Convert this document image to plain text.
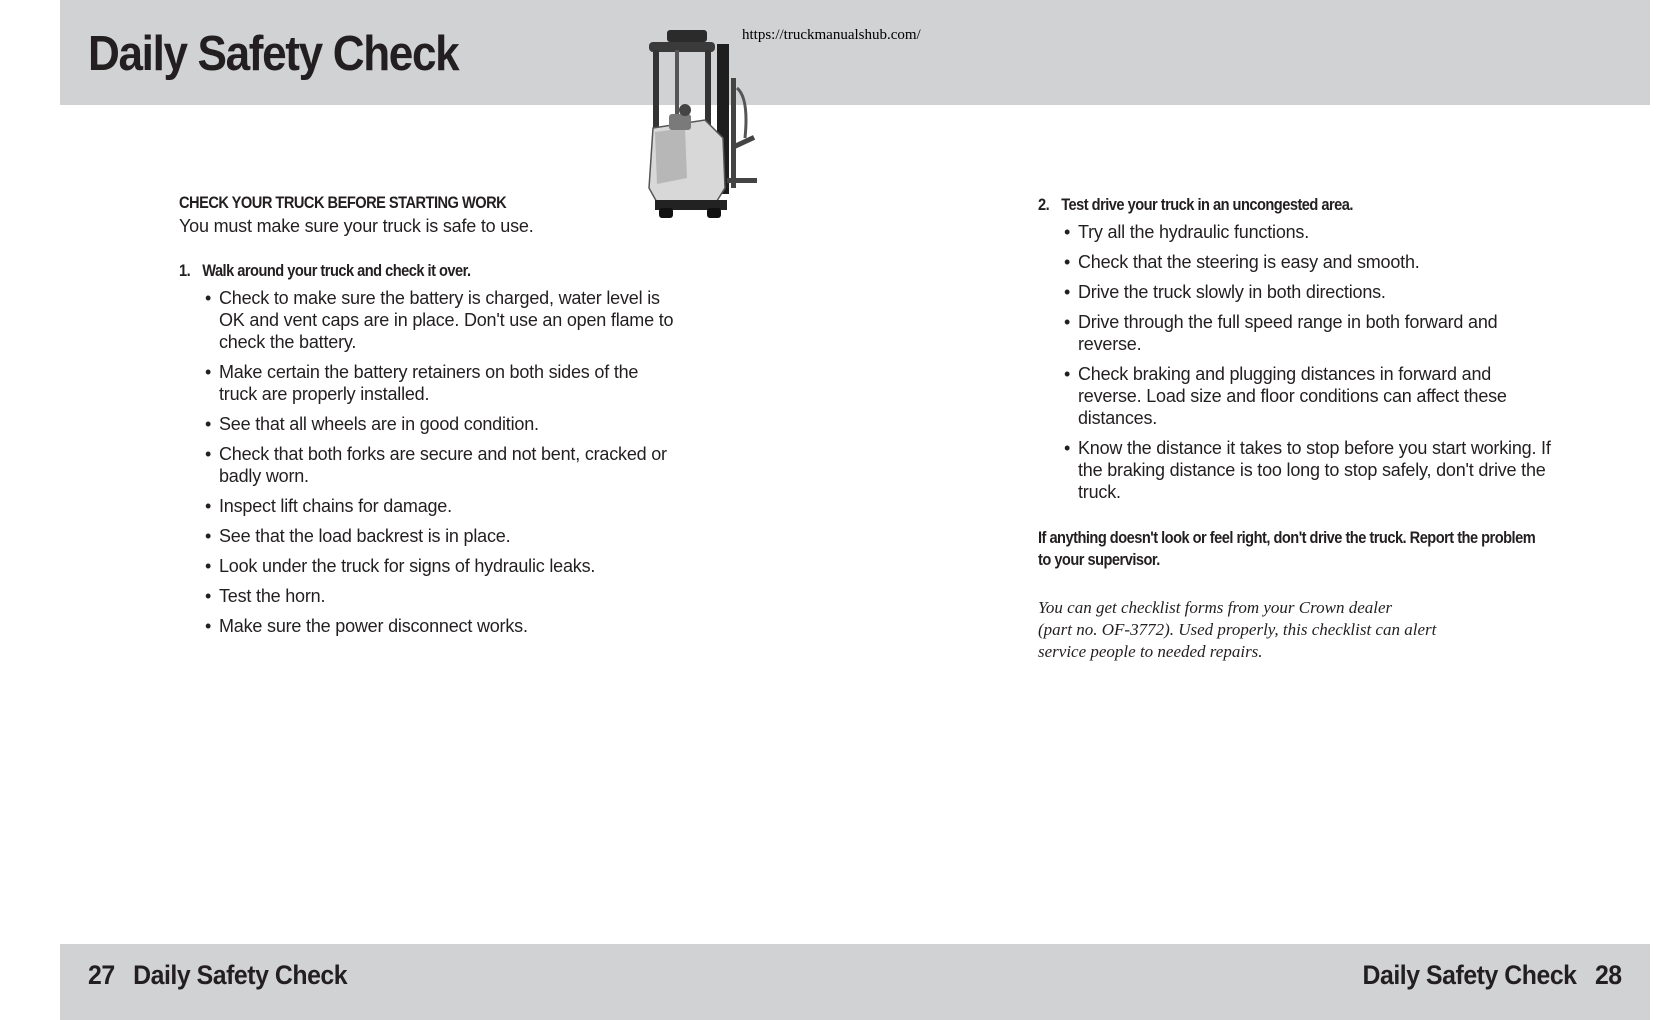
Daily Safety Check	https://truckmanualshub.com/
CHECK YOUR TRUCK BEFORE STARTING WORK
You must make sure your truck is safe to use.
1. Walk around your truck and check it over.
• Check to make sure the battery is charged, water level is OK and vent caps are in place. Don't use an open flame to check the battery.
• Make certain the battery retainers on both sides of the truck are properly installed.
• See that all wheels are in good condition.
• Check that both forks are secure and not bent, cracked or badly worn.
• Inspect lift chains for damage.
• See that the load backrest is in place.
• Look under the truck for signs of hydraulic leaks.
• Test the horn.
• Make sure the power disconnect works.
2. Test drive your truck in an uncongested area.
• Try all the hydraulic functions.
• Check that the steering is easy and smooth.
• Drive the truck slowly in both directions.
• Drive through the full speed range in both forward and reverse.
• Check braking and plugging distances in forward and reverse. Load size and floor conditions can affect these distances.
• Know the distance it takes to stop before you start working. If the braking distance is too long to stop safely, don't drive the truck.
If anything doesn't look or feel right, don't drive the truck. Report the problem to your supervisor.
You can get checklist forms from your Crown dealer
(part no. OF-3772). Used properly, this checklist can alert
service people to needed repairs.
27 Daily Safety Check	Daily Safety Check 28
